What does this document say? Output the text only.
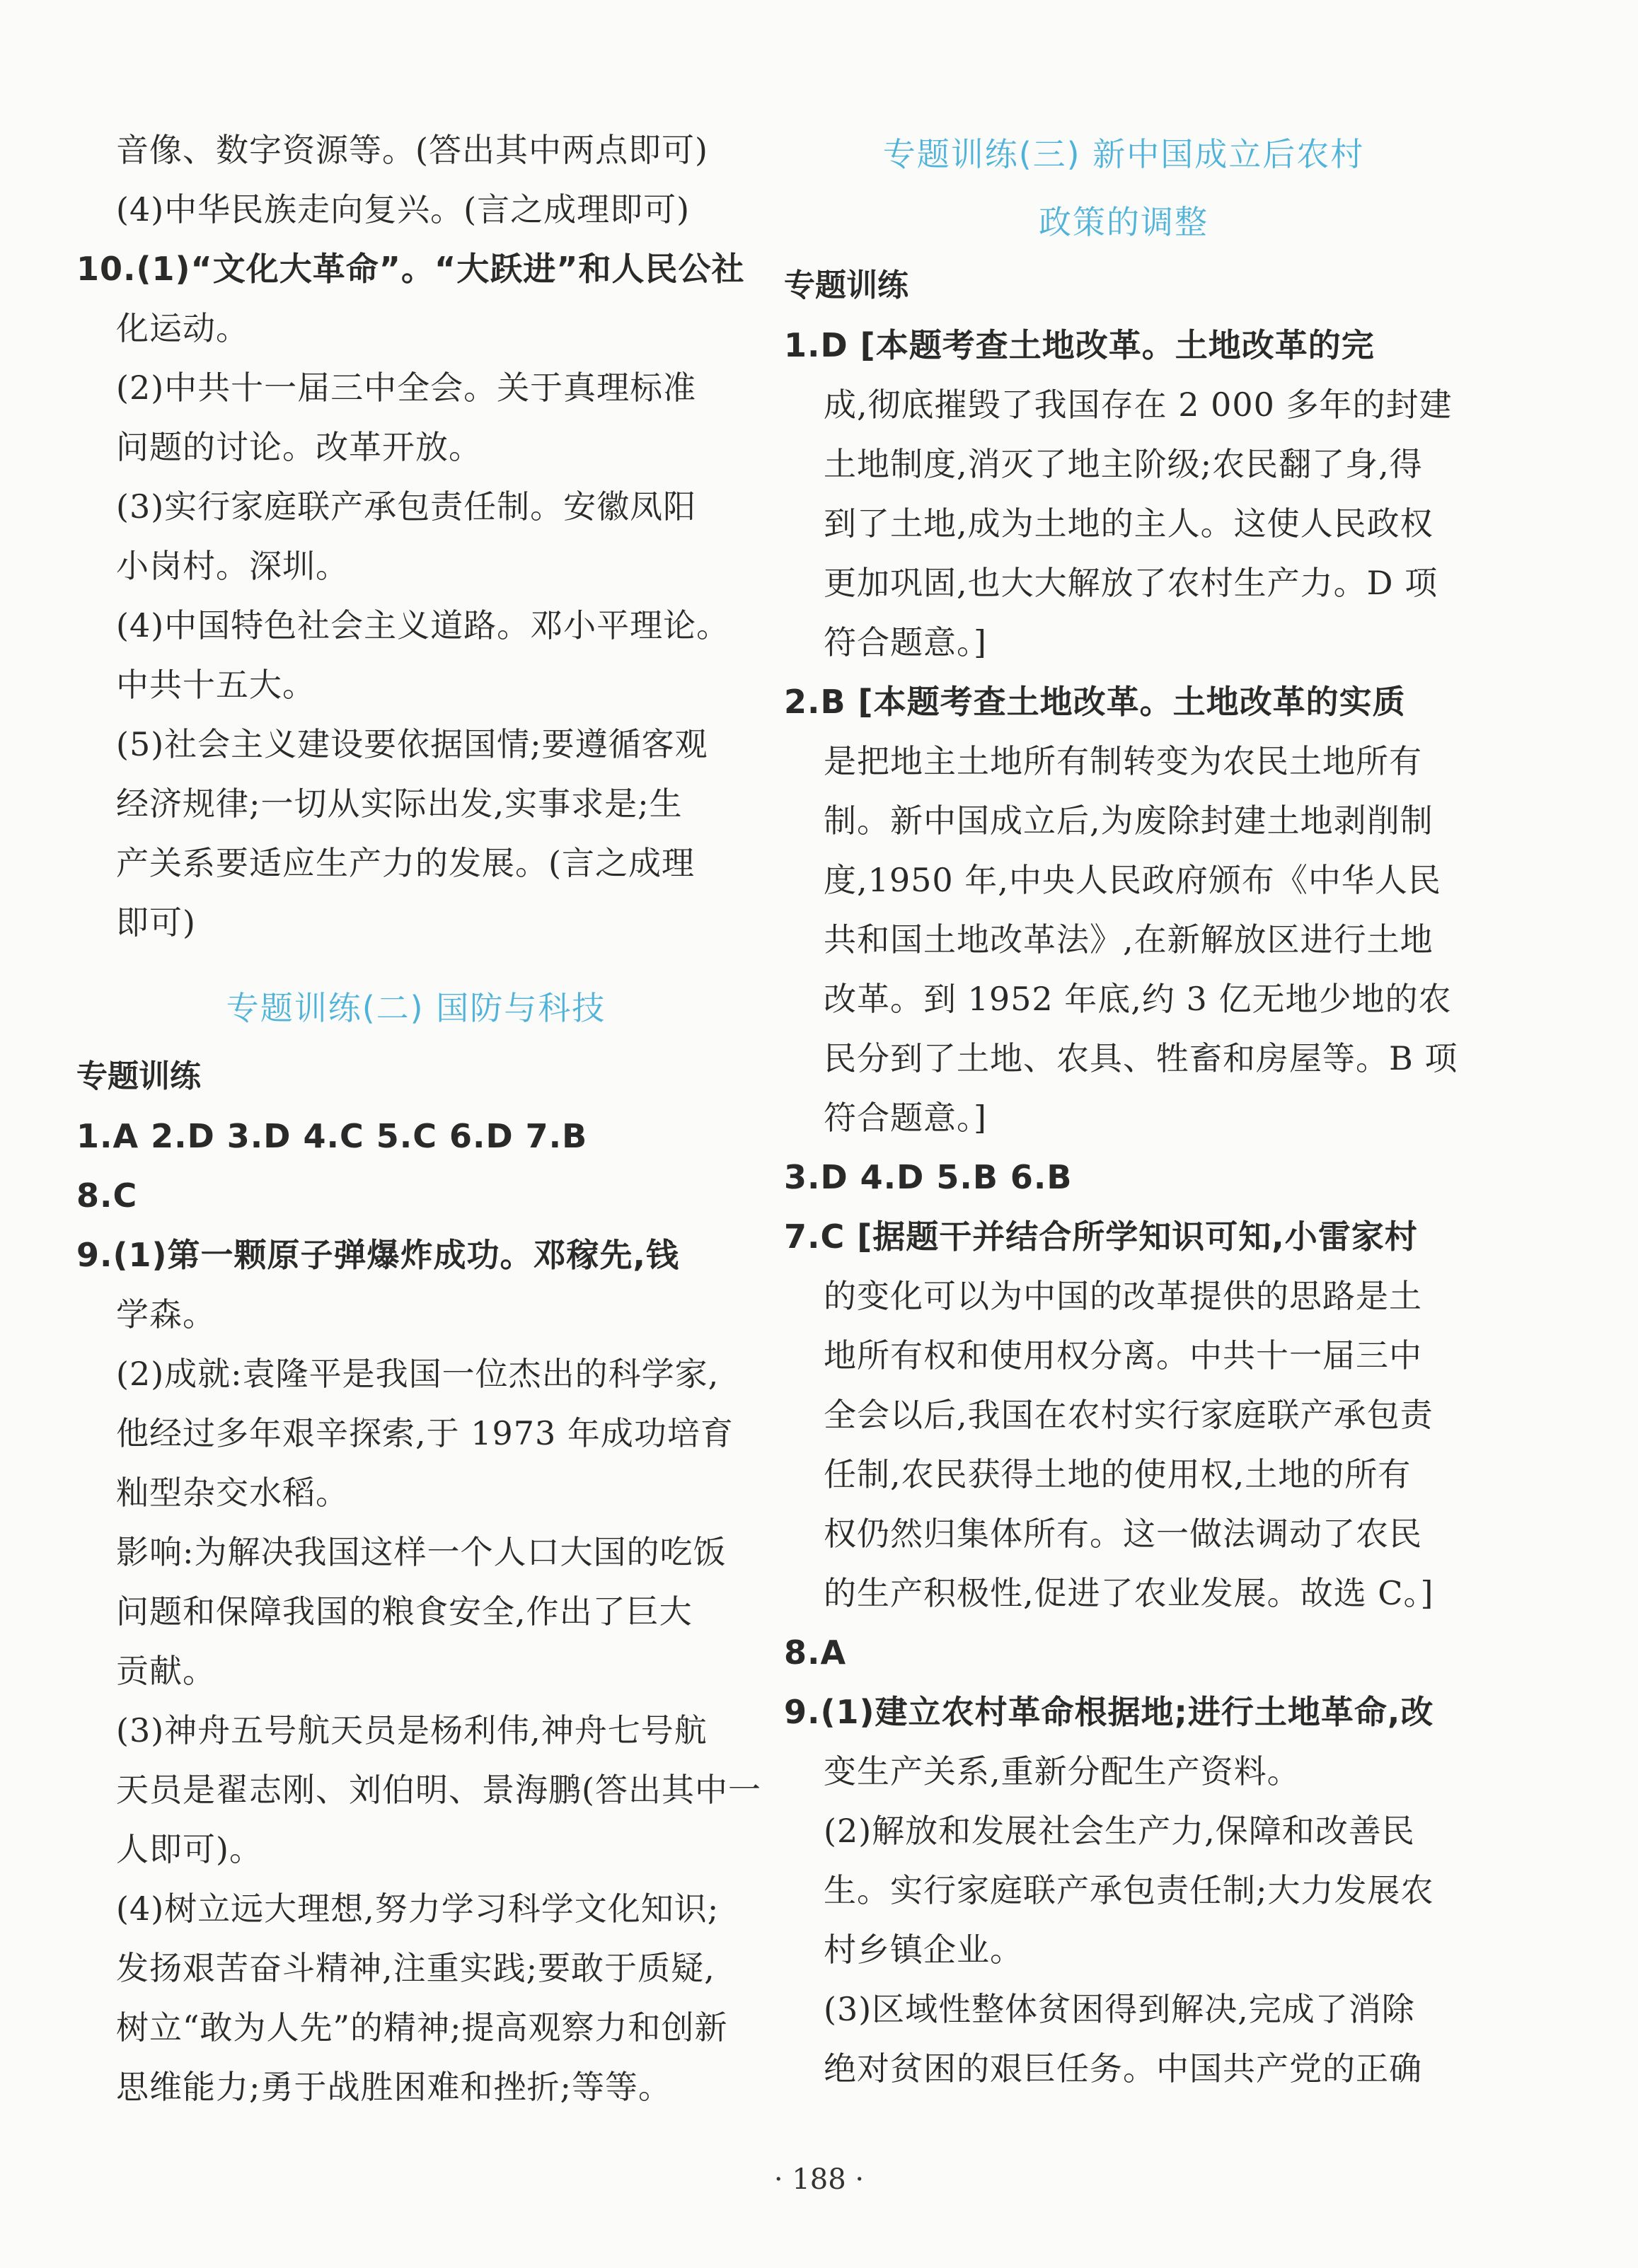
音像、数字资源等。(答出其中两点即可)
(4)中华民族走向复兴。(言之成理即可)
10.(1)“文化大革命”。“大跃进”和人民公社
化运动。
(2)中共十一届三中全会。关于真理标准
问题的讨论。改革开放。
(3)实行家庭联产承包责任制。安徽凤阳
小岗村。深圳。
(4)中国特色社会主义道路。邓小平理论。
中共十五大。
(5)社会主义建设要依据国情;要遵循客观
经济规律;一切从实际出发,实事求是;生
产关系要适应生产力的发展。(言之成理
即可)
专题训练(二) 国防与科技
专题训练
1.A 2.D 3.D 4.C 5.C 6.D 7.B
8.C
9.(1)第一颗原子弹爆炸成功。邓稼先,钱
学森。
(2)成就:袁隆平是我国一位杰出的科学家,
他经过多年艰辛探索,于 1973 年成功培育
籼型杂交水稻。
影响:为解决我国这样一个人口大国的吃饭
问题和保障我国的粮食安全,作出了巨大
贡献。
(3)神舟五号航天员是杨利伟,神舟七号航
天员是翟志刚、刘伯明、景海鹏(答出其中一
人即可)。
(4)树立远大理想,努力学习科学文化知识;
发扬艰苦奋斗精神,注重实践;要敢于质疑,
树立“敢为人先”的精神;提高观察力和创新
思维能力;勇于战胜困难和挫折;等等。
专题训练(三) 新中国成立后农村
政策的调整
专题训练
1.D [本题考查土地改革。土地改革的完
成,彻底摧毁了我国存在 2 000 多年的封建
土地制度,消灭了地主阶级;农民翻了身,得
到了土地,成为土地的主人。这使人民政权
更加巩固,也大大解放了农村生产力。D 项
符合题意。]
2.B [本题考查土地改革。土地改革的实质
是把地主土地所有制转变为农民土地所有
制。新中国成立后,为废除封建土地剥削制
度,1950 年,中央人民政府颁布《中华人民
共和国土地改革法》,在新解放区进行土地
改革。到 1952 年底,约 3 亿无地少地的农
民分到了土地、农具、牲畜和房屋等。B 项
符合题意。]
3.D 4.D 5.B 6.B
7.C [据题干并结合所学知识可知,小雷家村
的变化可以为中国的改革提供的思路是土
地所有权和使用权分离。中共十一届三中
全会以后,我国在农村实行家庭联产承包责
任制,农民获得土地的使用权,土地的所有
权仍然归集体所有。这一做法调动了农民
的生产积极性,促进了农业发展。故选 C。]
8.A
9.(1)建立农村革命根据地;进行土地革命,改
变生产关系,重新分配生产资料。
(2)解放和发展社会生产力,保障和改善民
生。实行家庭联产承包责任制;大力发展农
村乡镇企业。
(3)区域性整体贫困得到解决,完成了消除
绝对贫困的艰巨任务。中国共产党的正确
· 188 ·
